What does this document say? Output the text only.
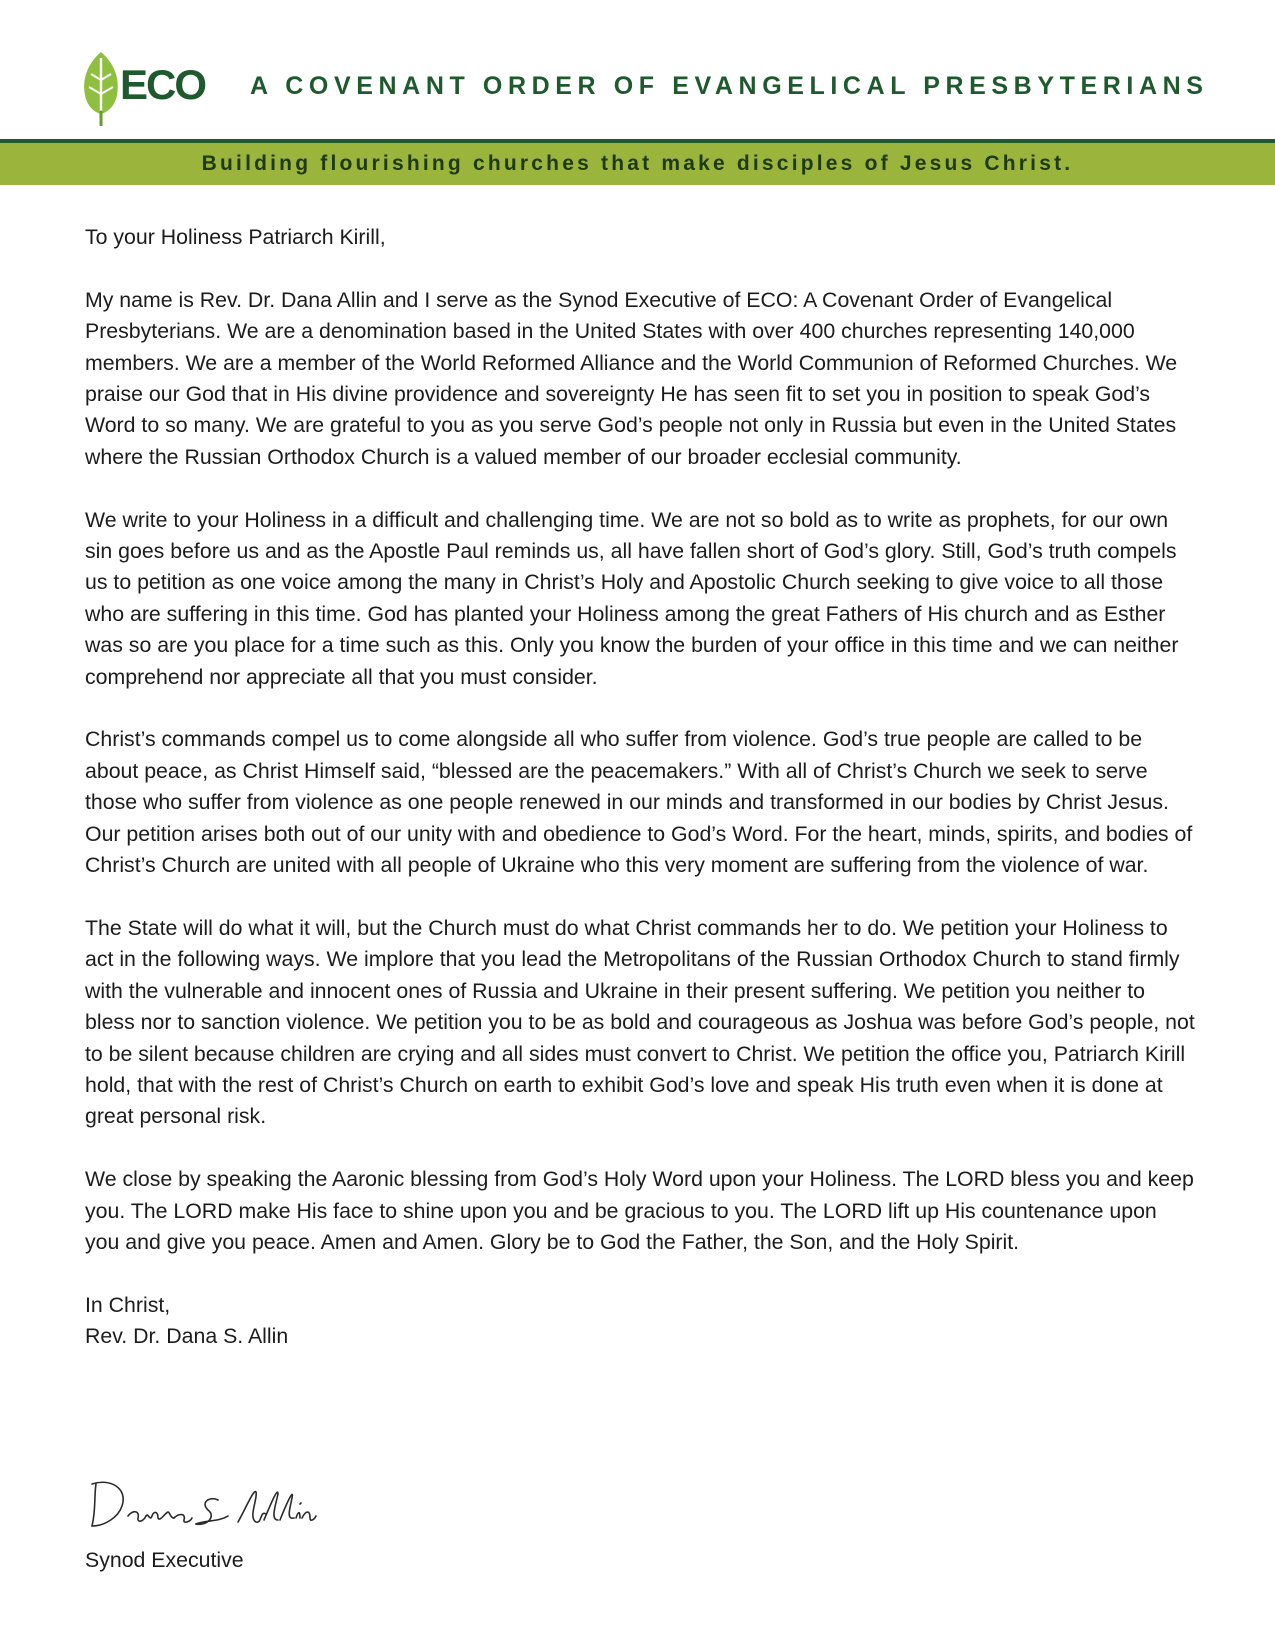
ECO A COVENANT ORDER OF EVANGELICAL PRESBYTERIANS
Building flourishing churches that make disciples of Jesus Christ.

To your Holiness Patriarch Kirill,

My name is Rev. Dr. Dana Allin and I serve as the Synod Executive of ECO: A Covenant Order of Evangelical Presbyterians. We are a denomination based in the United States with over 400 churches representing 140,000 members. We are a member of the World Reformed Alliance and the World Communion of Reformed Churches. We praise our God that in His divine providence and sovereignty He has seen fit to set you in position to speak God’s Word to so many. We are grateful to you as you serve God’s people not only in Russia but even in the United States where the Russian Orthodox Church is a valued member of our broader ecclesial community.

We write to your Holiness in a difficult and challenging time. We are not so bold as to write as prophets, for our own sin goes before us and as the Apostle Paul reminds us, all have fallen short of God’s glory. Still, God’s truth compels us to petition as one voice among the many in Christ’s Holy and Apostolic Church seeking to give voice to all those who are suffering in this time. God has planted your Holiness among the great Fathers of His church and as Esther was so are you place for a time such as this. Only you know the burden of your office in this time and we can neither comprehend nor appreciate all that you must consider.

Christ’s commands compel us to come alongside all who suffer from violence. God’s true people are called to be about peace, as Christ Himself said, “blessed are the peacemakers.” With all of Christ’s Church we seek to serve those who suffer from violence as one people renewed in our minds and transformed in our bodies by Christ Jesus. Our petition arises both out of our unity with and obedience to God’s Word. For the heart, minds, spirits, and bodies of Christ’s Church are united with all people of Ukraine who this very moment are suffering from the violence of war.

The State will do what it will, but the Church must do what Christ commands her to do. We petition your Holiness to act in the following ways. We implore that you lead the Metropolitans of the Russian Orthodox Church to stand firmly with the vulnerable and innocent ones of Russia and Ukraine in their present suffering. We petition you neither to bless nor to sanction violence. We petition you to be as bold and courageous as Joshua was before God’s people, not to be silent because children are crying and all sides must convert to Christ. We petition the office you, Patriarch Kirill hold, that with the rest of Christ’s Church on earth to exhibit God’s love and speak His truth even when it is done at great personal risk.

We close by speaking the Aaronic blessing from God’s Holy Word upon your Holiness. The LORD bless you and keep you. The LORD make His face to shine upon you and be gracious to you. The LORD lift up His countenance upon you and give you peace. Amen and Amen. Glory be to God the Father, the Son, and the Holy Spirit.

In Christ,
Rev. Dr. Dana S. Allin
Synod Executive
